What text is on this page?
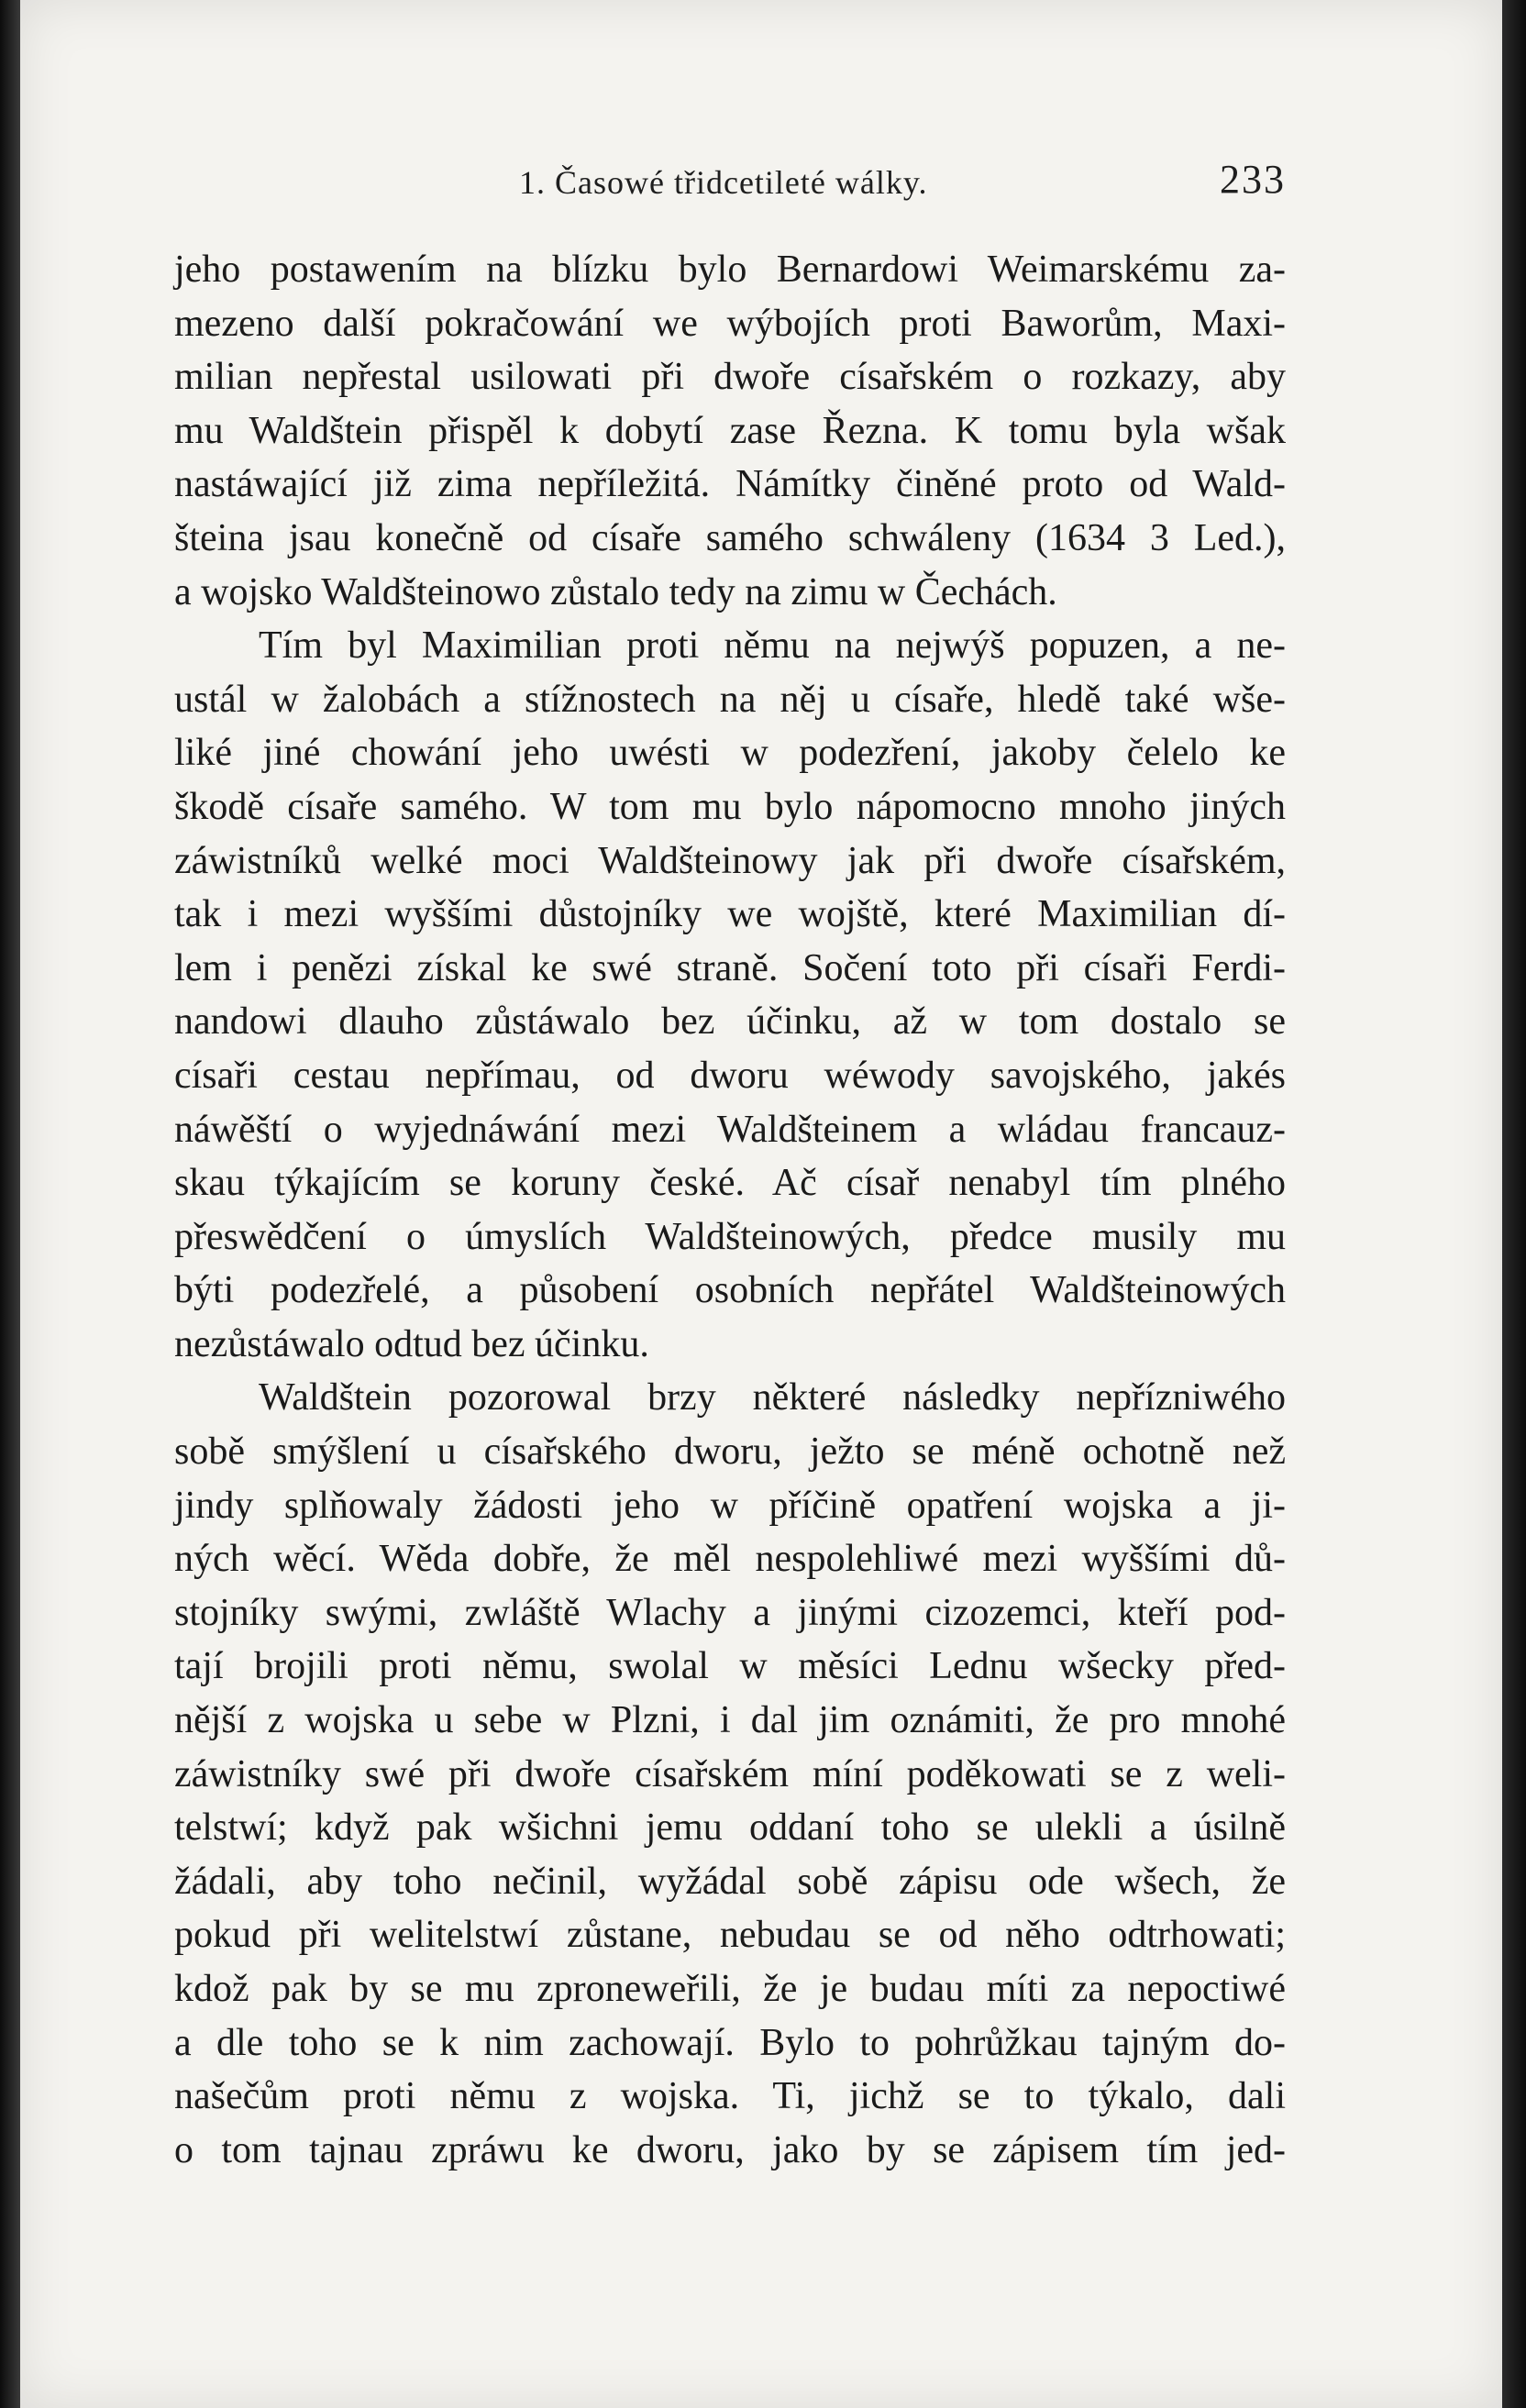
1. Časowé třidcetileté wálky.	233
jeho postawením na blízku bylo Bernardowi Weimarskému za-
mezeno další pokračowání we wýbojích proti Baworům, Maxi-
milian nepřestal usilowati při dwoře císařském o rozkazy, aby
mu Waldštein přispěl k dobytí zase Řezna. K tomu byla wšak
nastáwající již zima nepříležitá. Námítky činěné proto od Wald-
šteina jsau konečně od císaře samého schwáleny (1634 3 Led.),
a wojsko Waldšteinowo zůstalo tedy na zimu w Čechách.
Tím byl Maximilian proti němu na nejwýš popuzen, a ne-
ustál w žalobách a stížnostech na něj u císaře, hledě také wše-
liké jiné chowání jeho uwésti w podezření, jakoby čelelo ke
škodě císaře samého. W tom mu bylo nápomocno mnoho jiných
záwistníků welké moci Waldšteinowy jak při dwoře císařském,
tak i mezi wyššími důstojníky we wojště, které Maximilian dí-
lem i penězi získal ke swé straně. Sočení toto při císaři Ferdi-
nandowi dlauho zůstáwalo bez účinku, až w tom dostalo se
císaři cestau nepřímau, od dworu wéwody savojského, jakés
náwěští o wyjednáwání mezi Waldšteinem a wládau francauz-
skau týkajícím se koruny české. Ač císař nenabyl tím plného
přeswědčení o úmyslích Waldšteinowých, předce musily mu
býti podezřelé, a působení osobních nepřátel Waldšteinowých
nezůstáwalo odtud bez účinku.
Waldštein pozorowal brzy některé následky nepřízniwého
sobě smýšlení u císařského dworu, ježto se méně ochotně než
jindy splňowaly žádosti jeho w příčině opatření wojska a ji-
ných wěcí. Wěda dobře, že měl nespolehliwé mezi wyššími dů-
stojníky swými, zwláště Wlachy a jinými cizozemci, kteří pod-
tají brojili proti němu, swolal w měsíci Lednu wšecky před-
nější z wojska u sebe w Plzni, i dal jim oznámiti, že pro mnohé
záwistníky swé při dwoře císařském míní poděkowati se z weli-
telstwí; když pak wšichni jemu oddaní toho se ulekli a úsilně
žádali, aby toho nečinil, wyžádal sobě zápisu ode wšech, že
pokud při welitelstwí zůstane, nebudau se od něho odtrhowati;
kdož pak by se mu zproneweřili, že je budau míti za nepoctiwé
a dle toho se k nim zachowají. Bylo to pohrůžkau tajným do-
našečům proti němu z wojska. Ti, jichž se to týkalo, dali
o tom tajnau zpráwu ke dworu, jako by se zápisem tím jed-
